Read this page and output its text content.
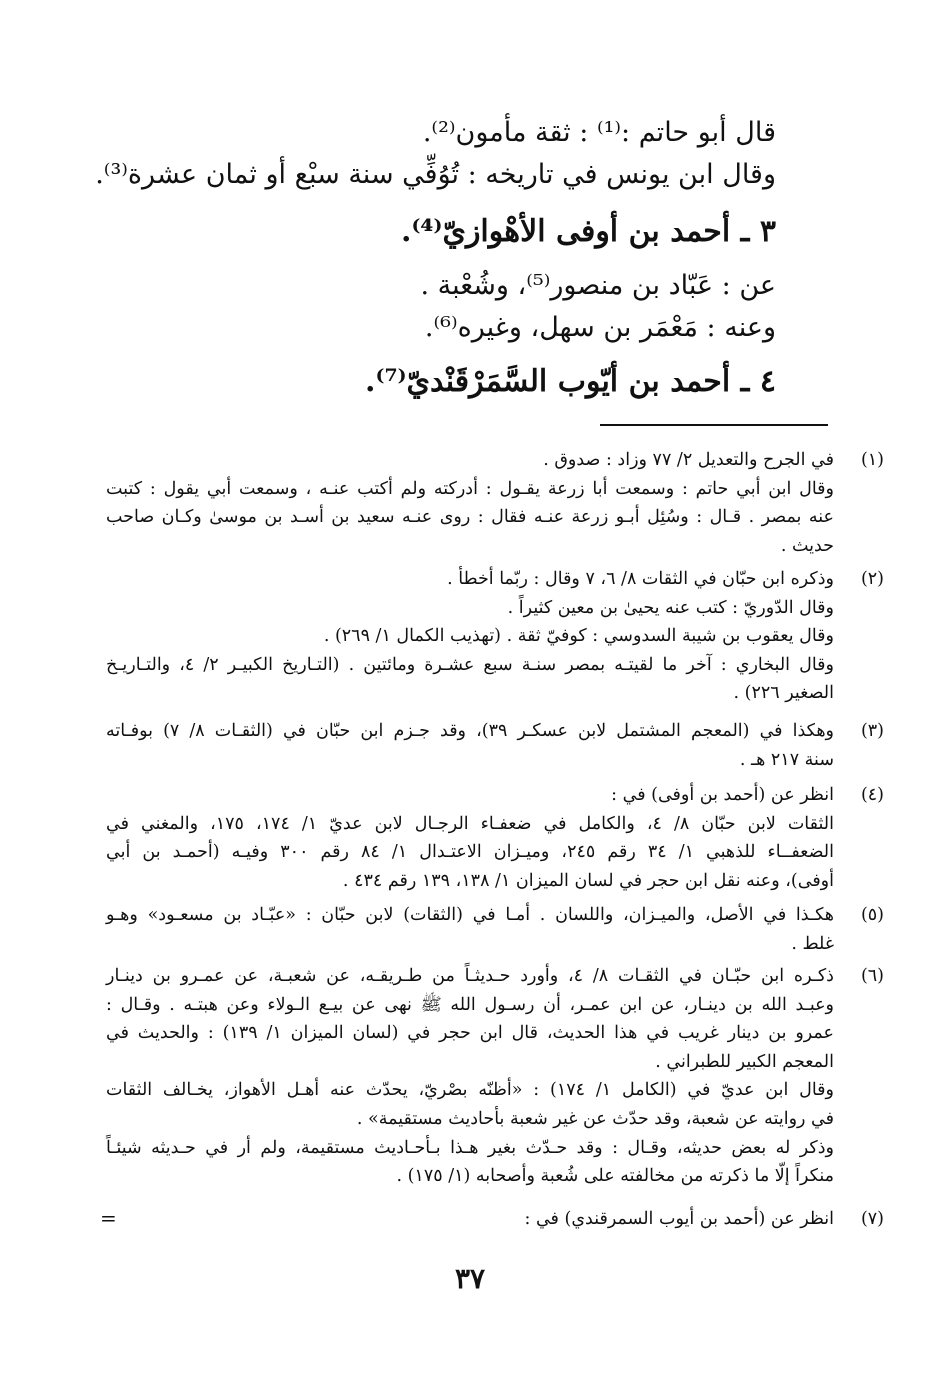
قال أبو حاتم :⁽¹⁾ : ثقة مأمون⁽²⁾.
وقال ابن يونس في تاريخه : تُوُفِّي سنة سبْع أو ثمان عشرة⁽³⁾.
٣ ـ أحمد بن أوفى الأهْوازيّ⁽⁴⁾.
عن : عَبّاد بن منصور⁽⁵⁾، وشُعْبة .
وعنه : مَعْمَر بن سهل، وغيره⁽⁶⁾.
٤ ـ أحمد بن أيّوب السَّمَرْقَنْديّ⁽⁷⁾.
(١)
في الجرح والتعديل ٢/ ٧٧ وزاد : صدوق .
وقال ابن أبي حاتم : وسمعت أبا زرعة يقـول : أدركته ولم أكتب عنـه ، وسمعت أبي يقول : كتبت
عنه بمصر . قـال : وسُئِل أبـو زرعة عنـه فقال : روى عنـه سعيد بن أسـد بن موسىٰ وكـان صاحب
حديث .
(٢)
وذكره ابن حبّان في الثقات ٨/ ٦، ٧ وقال : ربّما أخطأ .
وقال الدّوريّ : كتب عنه يحيىٰ بن معين كثيراً .
وقال يعقوب بن شيبة السدوسي : كوفيّ ثقة . (تهذيب الكمال ١/ ٢٦٩) .
وقال البخاري : آخر ما لقيتـه بمصر سنـة سبع عشـرة ومائتين . (التـاريخ الكبيـر ٢/ ٤، والتـاريـخ
الصغير ٢٢٦) .
(٣)
وهكذا في (المعجم المشتمل لابن عسكـر ٣٩)، وقد جـزم ابن حبّان في (الثقـات ٨/ ٧) بوفـاته
سنة ٢١٧ هـ .
(٤)
انظر عن (أحمد بن أوفى) في :
الثقات لابن حبّان ٨/ ٤، والكامل في ضعفـاء الرجـال لابن عديّ ١/ ١٧٤، ١٧٥، والمغني في
الضعفــاء للذهبي ١/ ٣٤ رقم ٢٤٥، وميـزان الاعتـدال ١/ ٨٤ رقم ٣٠٠ وفيـه (أحمـد بن أبي
أوفى)، وعنه نقل ابن حجر في لسان الميزان ١/ ١٣٨، ١٣٩ رقم ٤٣٤ .
(٥)
هكـذا في الأصل، والميـزان، واللسان . أمـا في (الثقات) لابن حبّان : «عبّـاد بن مسعـود» وهـو
غلط .
(٦)
ذكـره ابن حبّـان في الثقـات ٨/ ٤، وأورد حـديثـاً من طـريقـه، عن شعبـة، عن عمـرو بن دينـار
وعبـد الله بن دينـار، عن ابن عمـر، أن رسـول الله ﷺ نهى عن بيـع الـولاء وعن هبتـه . وقـال :
عمرو بن دينار غريب في هذا الحديث، قال ابن حجر في (لسان الميزان ١/ ١٣٩) : والحديث في
المعجم الكبير للطبراني .
وقال ابن عديّ في (الكامل ١/ ١٧٤) : «أظنّه بصْريّ، يحدّث عنه أهـل الأهواز، يخـالف الثقات
في روايته عن شعبة، وقد حدّث عن غير شعبة بأحاديث مستقيمة» .
وذكر له بعض حديثه، وقـال : وقد حـدّث بغير هـذا بـأحـاديث مستقيمة، ولم أر في حـديثه شيئـاً
منكراً إلّا ما ذكرته من مخالفته على شُعبة وأصحابه (١/ ١٧٥) .
(٧)
انظر عن (أحمد بن أيوب السمرقندي) في :
=
٣٧
